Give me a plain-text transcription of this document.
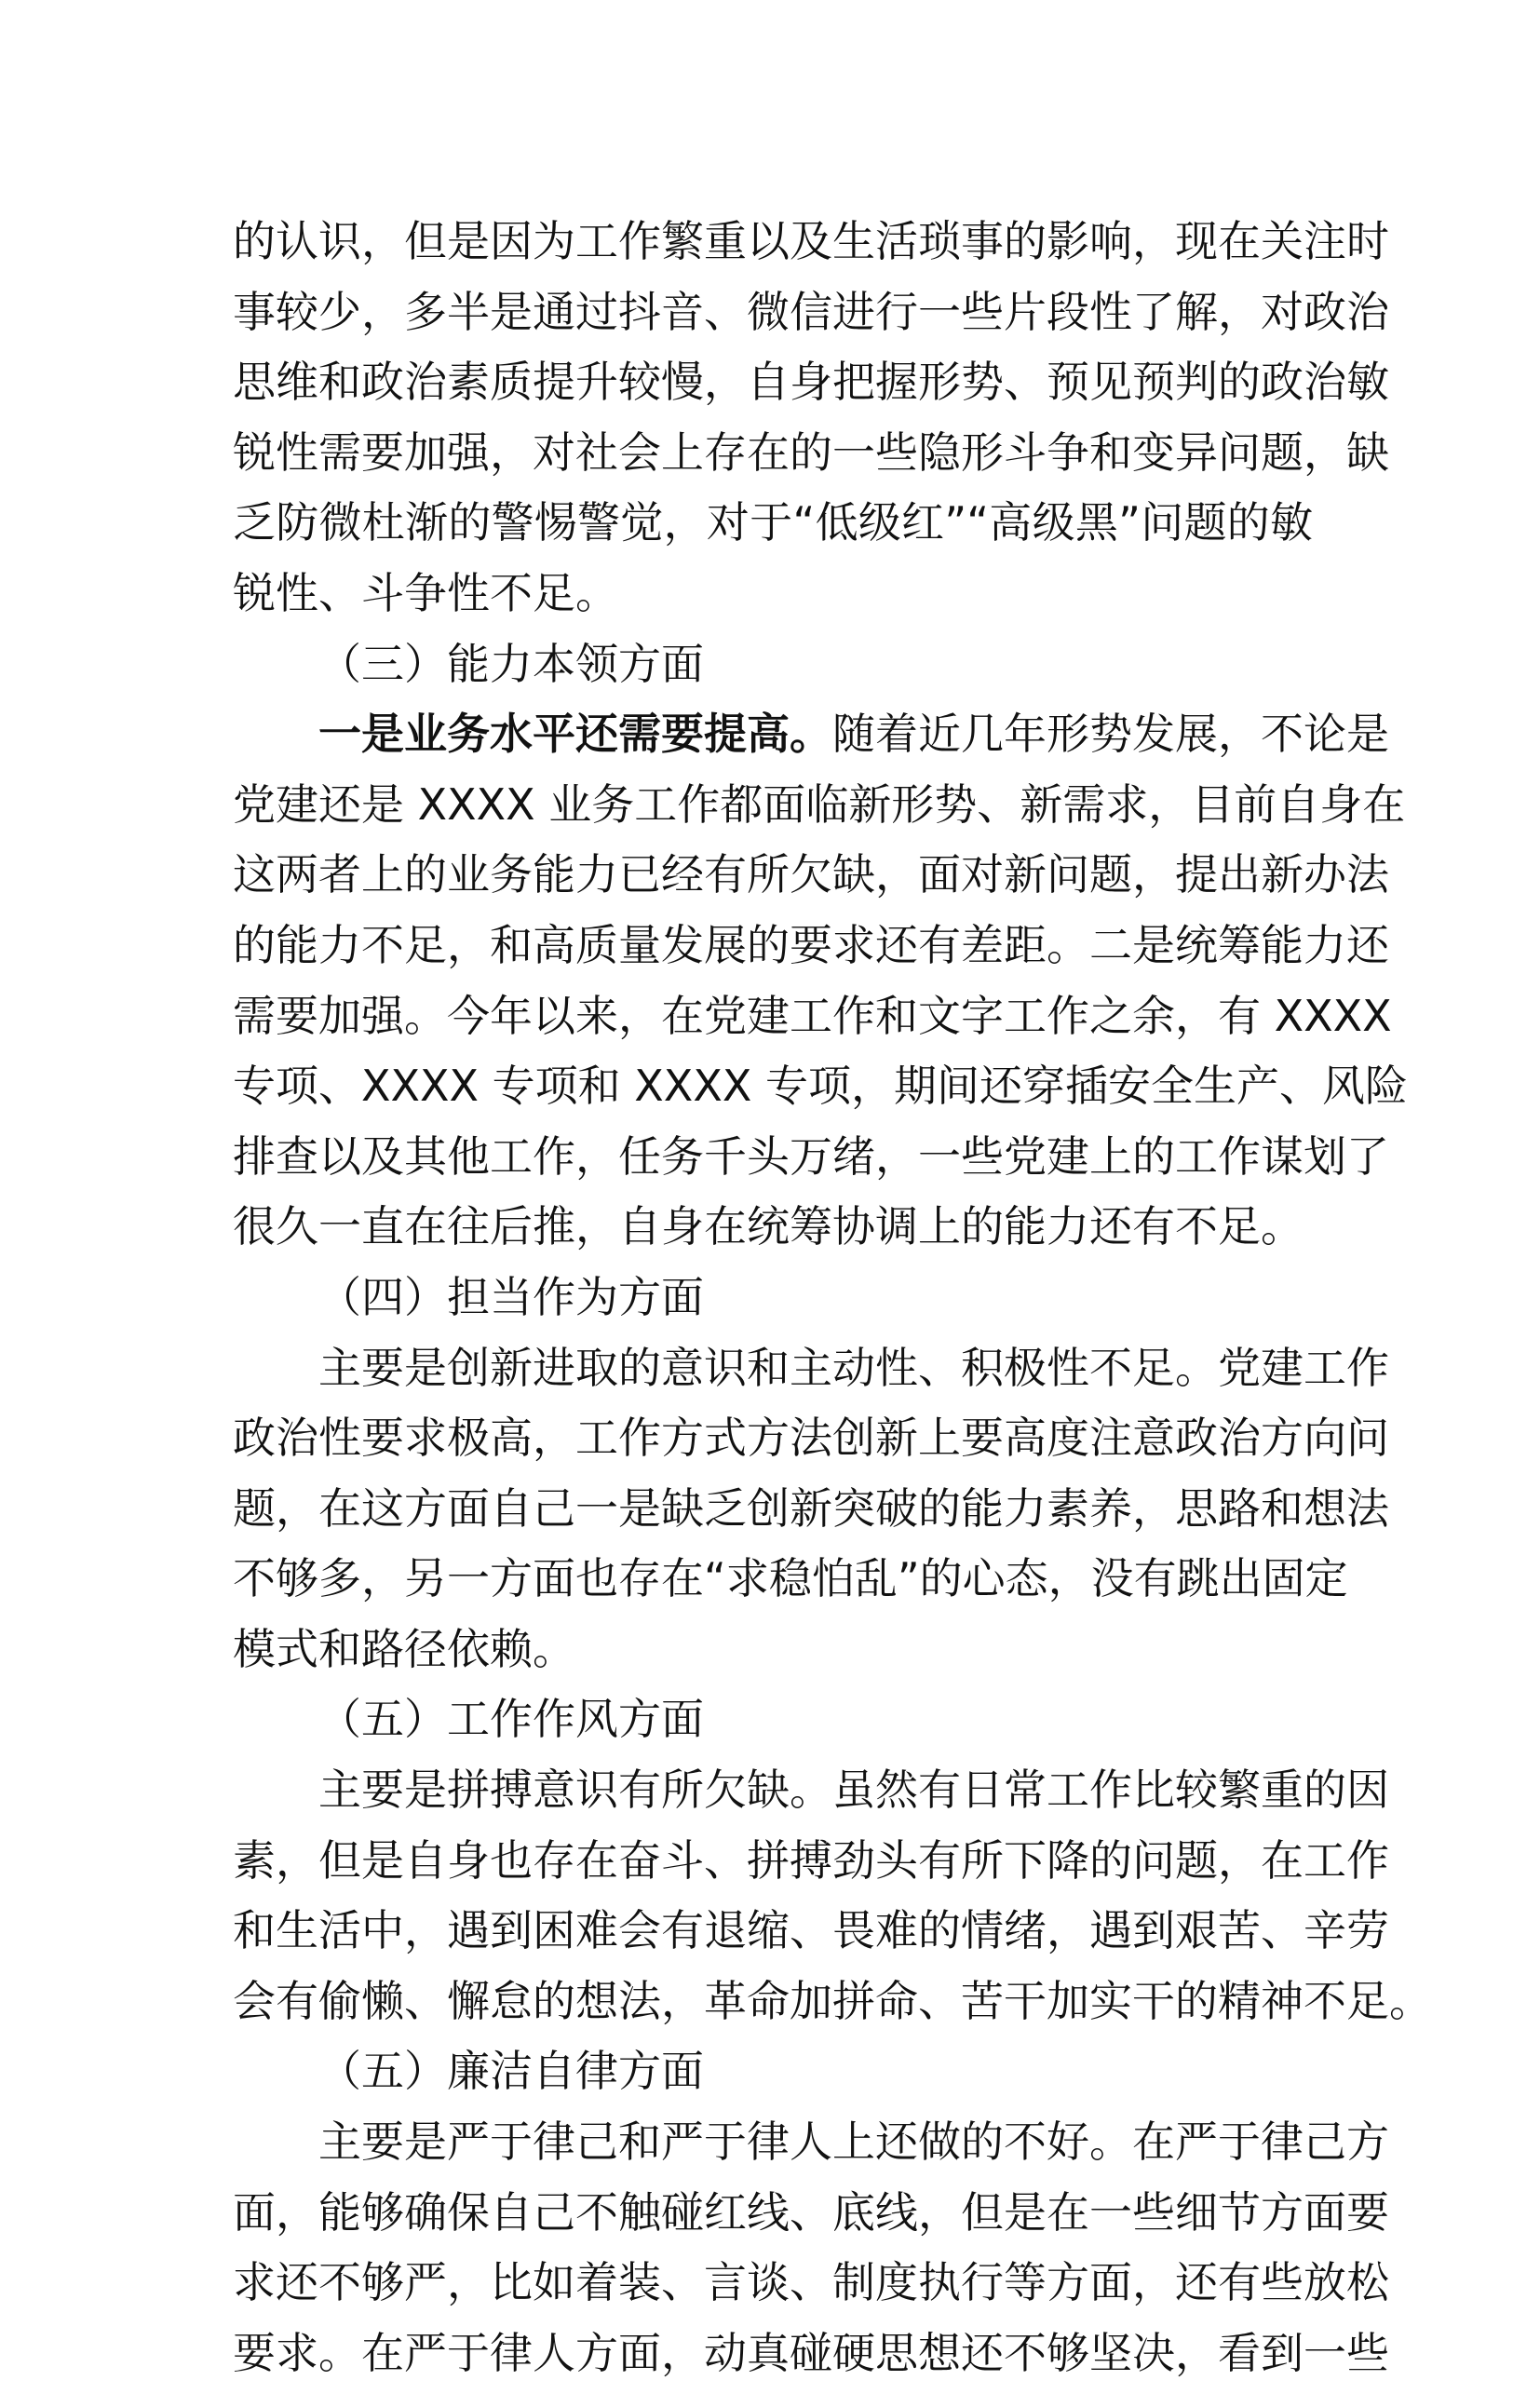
的认识，但是因为工作繁重以及生活琐事的影响，现在关注时
事较少，多半是通过抖音、微信进行一些片段性了解，对政治
思维和政治素质提升较慢，自身把握形势、预见预判的政治敏
锐性需要加强，对社会上存在的一些隐形斗争和变异问题，缺
乏防微杜渐的警惕警觉，对于“低级红”“高级黑”问题的敏
锐性、斗争性不足。
（三）能力本领方面
一是业务水平还需要提高。随着近几年形势发展，不论是
党建还是 XXXX 业务工作都面临新形势、新需求，目前自身在
这两者上的业务能力已经有所欠缺，面对新问题，提出新办法
的能力不足，和高质量发展的要求还有差距。二是统筹能力还
需要加强。今年以来，在党建工作和文字工作之余，有 XXXX
专项、XXXX 专项和 XXXX 专项，期间还穿插安全生产、风险
排查以及其他工作，任务千头万绪，一些党建上的工作谋划了
很久一直在往后推，自身在统筹协调上的能力还有不足。
（四）担当作为方面
主要是创新进取的意识和主动性、积极性不足。党建工作
政治性要求极高，工作方式方法创新上要高度注意政治方向问
题，在这方面自己一是缺乏创新突破的能力素养，思路和想法
不够多，另一方面也存在“求稳怕乱”的心态，没有跳出固定
模式和路径依赖。
（五）工作作风方面
主要是拼搏意识有所欠缺。虽然有日常工作比较繁重的因
素，但是自身也存在奋斗、拼搏劲头有所下降的问题，在工作
和生活中，遇到困难会有退缩、畏难的情绪，遇到艰苦、辛劳
会有偷懒、懈怠的想法，革命加拼命、苦干加实干的精神不足。
（五）廉洁自律方面
主要是严于律己和严于律人上还做的不好。在严于律己方
面，能够确保自己不触碰红线、底线，但是在一些细节方面要
求还不够严，比如着装、言谈、制度执行等方面，还有些放松
要求。在严于律人方面，动真碰硬思想还不够坚决，看到一些
